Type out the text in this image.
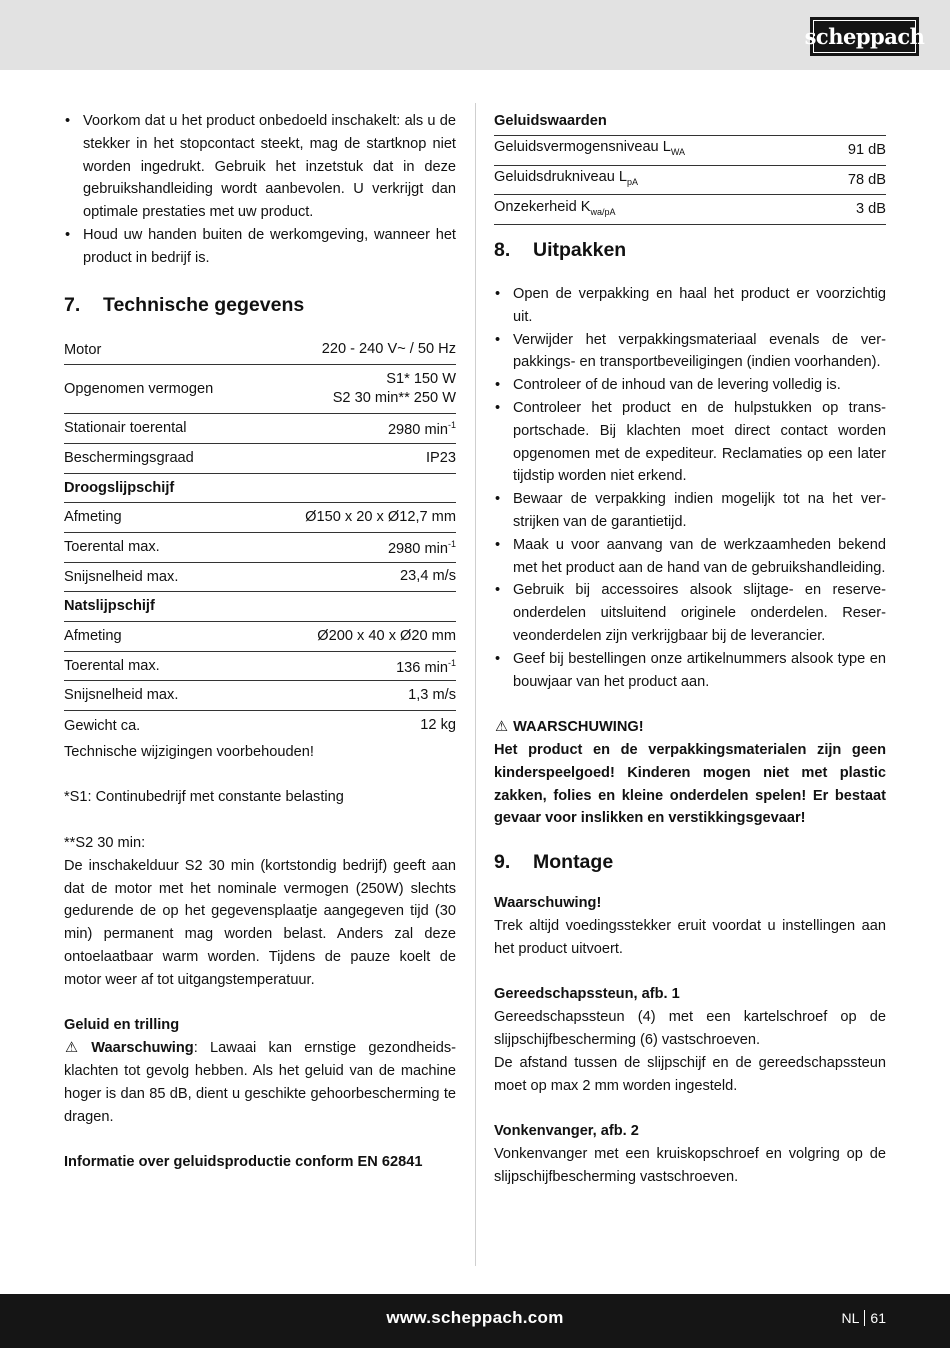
scheppach
• Voorkom dat u het product onbedoeld inschakelt: als u de stekker in het stopcontact steekt, mag de startknop niet worden ingedrukt. Gebruik het inzetstuk dat in deze gebruikshandleiding wordt aanbevolen. U verkrijgt dan optimale prestaties met uw product.
• Houd uw handen buiten de werkomgeving, wanneer het product in bedrijf is.
7.	Technische gegevens
Motor	220 - 240 V~ / 50 Hz
Opgenomen vermogen
S1* 150 W
S2 30 min** 250 W
Stationair toerental	2980 $\min^{-1}$
Beschermingsgraad	IP23
Droogslijpschijf
Afmeting	Ø150 x 20 x Ø12,7 mm
Toerental max.	2980 $\min^{-1}$
Snijsnelheid max.	23,4 m/s
Natslijpschijf
Afmeting	Ø200 x 40 x Ø20 mm
Toerental max.	136 $\min^{-1}$
Snijsnelheid max.	1,3 m/s
Gewicht ca.	12 kg

Technische wijzigingen voorbehouden!

*S1: Continubedrijf met constante belasting

**S2 30 min:

De inschakelduur S2 30 min (kortstondig bedrijf) geeft aan dat de motor met het nominale vermogen (250W) slechts gedurende de op het gegevensplaatje aangegeven tijd (30 min) permanent mag worden belast. Anders zal deze ontoelaatbaar warm worden. Tijdens de pauze koelt de motor weer af tot uitgangstemperatuur.

Geluid en trilling

⚠ Waarschuwing: Lawaai kan ernstige gezondheidsklachten tot gevolg hebben. Als het geluid van de machine hoger is dan 85 dB, dient u geschikte gehoorbescherming te dragen.

Informatie over geluidsproductie conform EN 62841

Geluidswaarden
Geluidsvermogensniveau $L_{WA}$	91 dB
Geluidsdrukniveau $L_{pA}$	78 dB
Onzekerheid $K_{wa/pA}$	3 dB
8.	Uitpakken
• Open de verpakking en haal het product er voorzichtig uit.
• Verwijder het verpakkingsmateriaal evenals de verpakkings- en transportbeveiligingen (indien voorhanden).
• Controleer of de inhoud van de levering volledig is.
• Controleer het product en de hulpstukken op transportschade. Bij klachten moet direct contact worden opgenomen met de expediteur. Reclamaties op een later tijdstip worden niet erkend.
• Bewaar de verpakking indien mogelijk tot na het verstrijken van de garantietijd.
• Maak u voor aanvang van de werkzaamheden bekend met het product aan de hand van de gebruikshandleiding.
• Gebruik bij accessoires alsook slijtage- en reserveonderdelen uitsluitend originele onderdelen. Reserveonderdelen zijn verkrijgbaar bij de leverancier.
• Geef bij bestellingen onze artikelnummers alsook type en bouwjaar van het product aan.

⚠ WAARSCHUWING!

Het product en de verpakkingsmaterialen zijn geen kinderspeelgoed! Kinderen mogen niet met plastic zakken, folies en kleine onderdelen spelen! Er bestaat gevaar voor inslikken en verstikkingsgevaar!

9.	Montage

Waarschuwing!

Trek altijd voedingsstekker eruit voordat u instellingen aan het product uitvoert.

Gereedschapssteun, afb. 1

Gereedschapssteun (4) met een kartelschroef op de slijpschijfbescherming (6) vastschroeven.

De afstand tussen de slijpschijf en de gereedschapssteun moet op max 2 mm worden ingesteld.

Vonkenvanger, afb. 2

Vonkenvanger met een kruiskopschroef en volgring op de slijpschijfbescherming vastschroeven.

www.scheppach.com	NL 61
